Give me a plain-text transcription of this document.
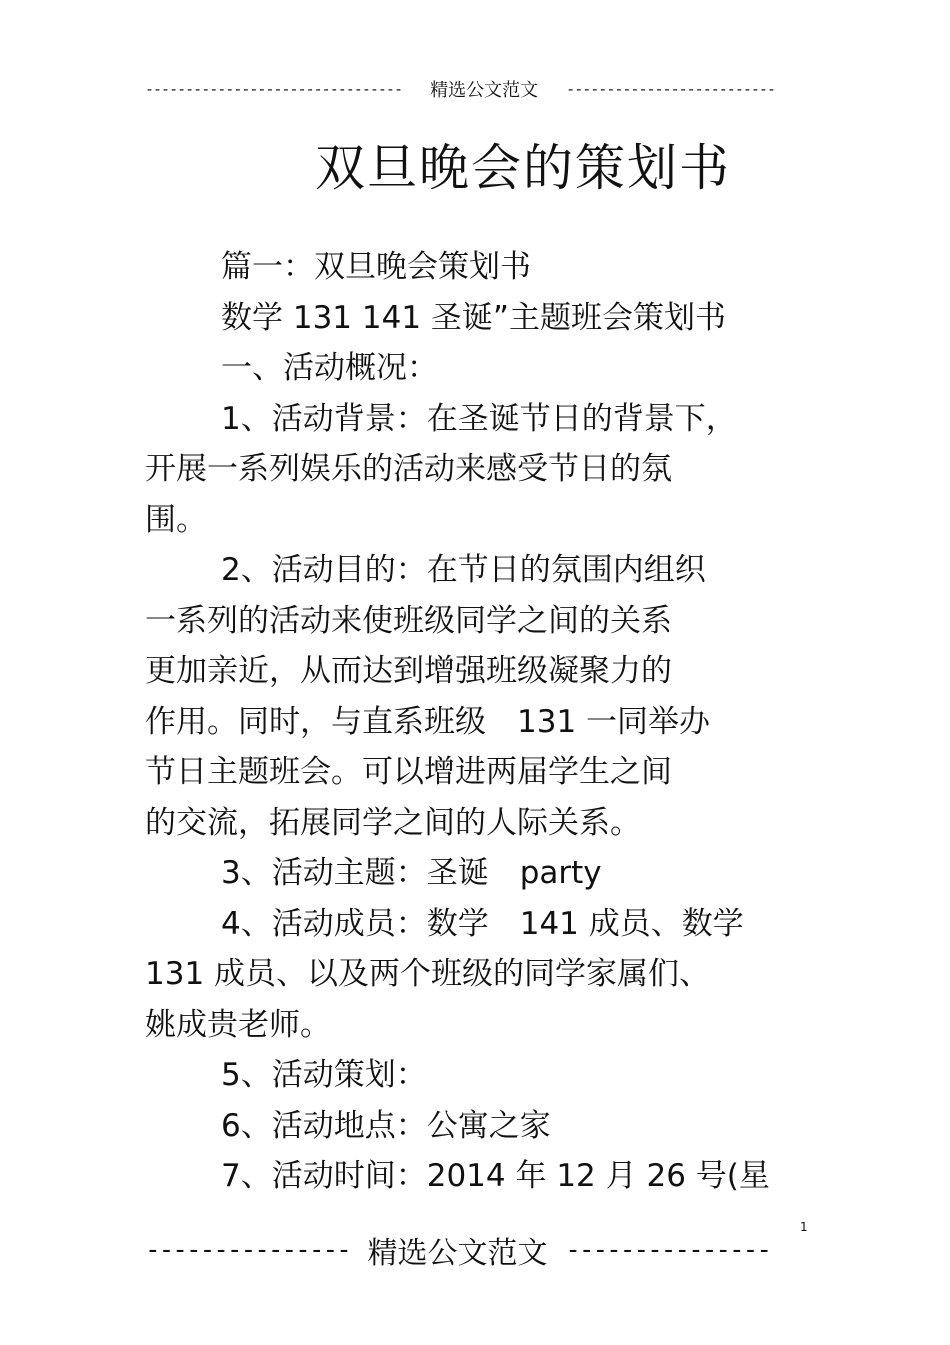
-------------------------------- 精选公文范文 --------------------------
双旦晚会的策划书

篇一：双旦晚会策划书

数学 131 141 圣诞”主题班会策划书

一、活动概况：

1、活动背景：在圣诞节日的背景下，

开展一系列娱乐的活动来感受节日的氛

围。

2、活动目的：在节日的氛围内组织

一系列的活动来使班级同学之间的关系

更加亲近，从而达到增强班级凝聚力的

作用。同时，与直系班级　131 一同举办

节日主题班会。可以增进两届学生之间

的交流，拓展同学之间的人际关系。

3、活动主题：圣诞　party

4、活动成员：数学　141 成员、数学

131 成员、以及两个班级的同学家属们、

姚成贵老师。

5、活动策划：

6、活动地点：公寓之家

7、活动时间：2014 年 12 月 26 号(星

1
--------------- 精选公文范文 ---------------
